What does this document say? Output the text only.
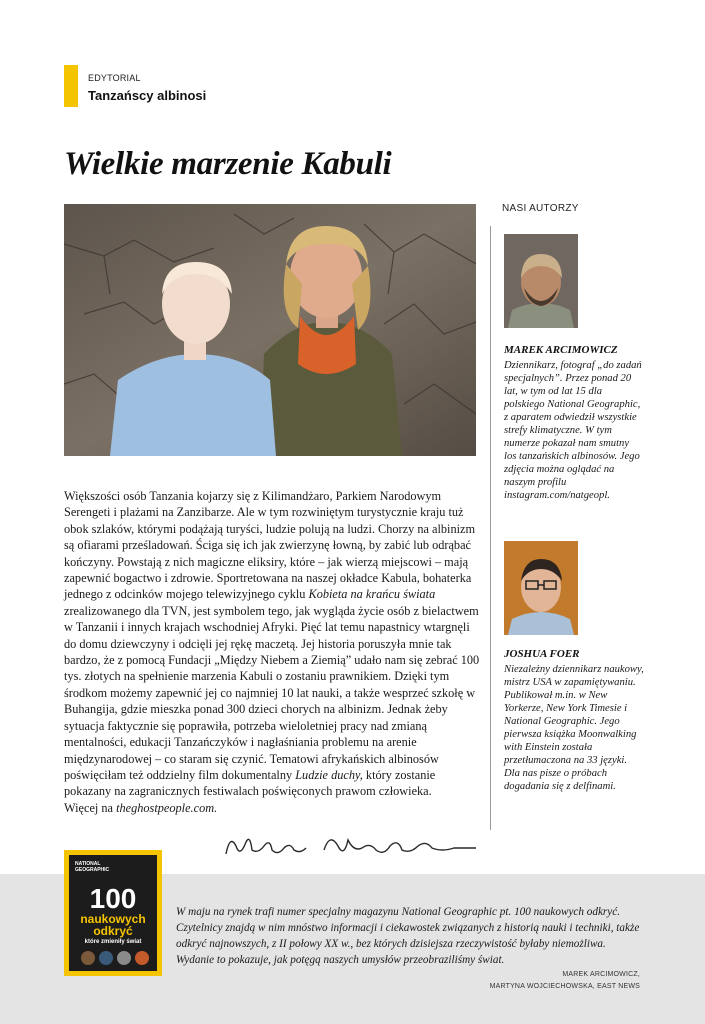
EDYTORIAL
Tanzańscy albinosi
Wielkie marzenie Kabuli

Większości osób Tanzania kojarzy się z Kilimandżaro, Parkiem Narodowym Serengeti i plażami na Zanzibarze. Ale w tym rozwiniętym turystycznie kraju tuż obok szlaków, którymi podążają turyści, ludzie polują na ludzi. Chorzy na albinizm są ofiarami prześladowań. Ściga się ich jak zwierzynę łowną, by zabić lub odrąbać kończyny. Powstają z nich magiczne eliksiry, które – jak wierzą miejscowi – mają zapewnić bogactwo i zdrowie. Sportretowana na naszej okładce Kabula, bohaterka jednego z odcinków mojego telewizyjnego cyklu Kobieta na krańcu świata zrealizowanego dla TVN, jest symbolem tego, jak wygląda życie osób z bielactwem w Tanzanii i innych krajach wschodniej Afryki. Pięć lat temu napastnicy wtargnęli do domu dziewczyny i odcięli jej rękę maczetą. Jej historia poruszyła mnie tak bardzo, że z pomocą Fundacji „Między Niebem a Ziemią” udało nam się zebrać 100 tys. złotych na spełnienie marzenia Kabuli o zostaniu prawnikiem. Dzięki tym środkom możemy zapewnić jej co najmniej 10 lat nauki, a także wesprzeć szkołę w Buhangija, gdzie mieszka ponad 300 dzieci chorych na albinizm. Jednak żeby sytuacja faktycznie się poprawiła, potrzeba wieloletniej pracy nad zmianą mentalności, edukacji Tanzańczyków i nagłaśniania problemu na arenie międzynarodowej – co staram się czynić. Tematowi afrykańskich albinosów poświęciłam też oddzielny film dokumentalny Ludzie duchy, który zostanie pokazany na zagranicznych festiwalach poświęconych prawom człowieka.
Więcej na theghostpeople.com.

NASI AUTORZY
MAREK ARCIMOWICZ
Dziennikarz, fotograf „do zadań specjalnych”. Przez ponad 20 lat, w tym od lat 15 dla polskiego National Geographic, z aparatem odwiedził wszystkie strefy klimatyczne. W tym numerze pokazał nam smutny los tanzańskich albinosów. Jego zdjęcia można oglądać na naszym profilu instagram.com/natgeopl.
JOSHUA FOER
Niezależny dziennikarz naukowy, mistrz USA w zapamiętywaniu. Publikował m.in. w New Yorkerze, New York Timesie i National Geographic. Jego pierwsza książka Moonwalking with Einstein została przetłumaczona na 33 języki. Dla nas pisze o próbach dogadania się z delfinami.
NATIONAL
GEOGRAPHIC
100
naukowych
odkryć
które zmieniły świat
W maju na rynek trafi numer specjalny magazynu National Geographic pt. 100 naukowych odkryć. Czytelnicy znajdą w nim mnóstwo informacji i ciekawostek związanych z historią nauki i techniki, także odkryć najnowszych, z II połowy XX w., bez których dzisiejsza rzeczywistość byłaby niemożliwa. Wydanie to pokazuje, jak potęgą naszych umysłów przeobraziliśmy świat.
MAREK ARCIMOWICZ,
MARTYNA WOJCIECHOWSKA, EAST NEWS
